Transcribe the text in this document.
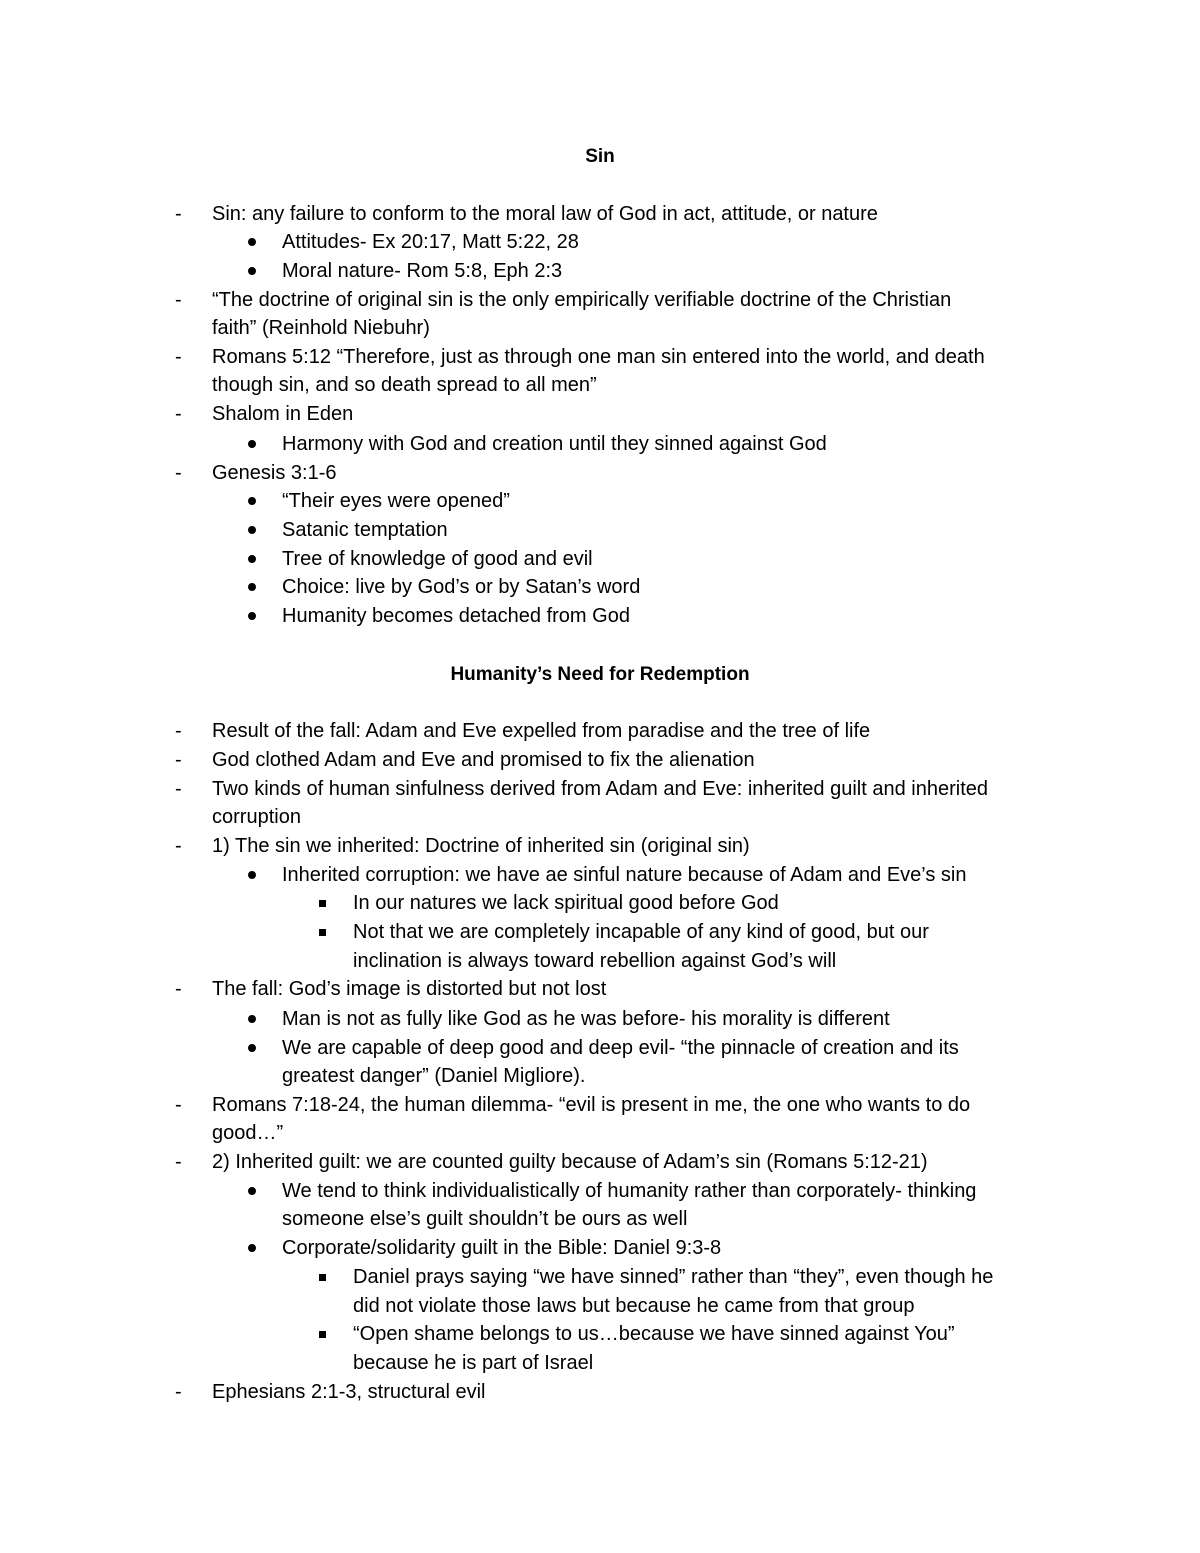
Sin
- Sin: any failure to conform to the moral law of God in act, attitude, or nature
Attitudes- Ex 20:17, Matt 5:22, 28
Moral nature- Rom 5:8, Eph 2:3
- “The doctrine of original sin is the only empirically verifiable doctrine of the Christian
faith” (Reinhold Niebuhr)
- Romans 5:12 “Therefore, just as through one man sin entered into the world, and death
though sin, and so death spread to all men”
- Shalom in Eden
Harmony with God and creation until they sinned against God
- Genesis 3:1-6
“Their eyes were opened”
Satanic temptation
Tree of knowledge of good and evil
Choice: live by God’s or by Satan’s word
Humanity becomes detached from God
Humanity’s Need for Redemption
- Result of the fall: Adam and Eve expelled from paradise and the tree of life
- God clothed Adam and Eve and promised to fix the alienation
- Two kinds of human sinfulness derived from Adam and Eve: inherited guilt and inherited
corruption
- 1) The sin we inherited: Doctrine of inherited sin (original sin)
Inherited corruption: we have ae sinful nature because of Adam and Eve’s sin
In our natures we lack spiritual good before God
Not that we are completely incapable of any kind of good, but our
inclination is always toward rebellion against God’s will
- The fall: God’s image is distorted but not lost
Man is not as fully like God as he was before- his morality is different
We are capable of deep good and deep evil- “the pinnacle of creation and its
greatest danger” (Daniel Migliore).
- Romans 7:18-24, the human dilemma- “evil is present in me, the one who wants to do
good…”
- 2) Inherited guilt: we are counted guilty because of Adam’s sin (Romans 5:12-21)
We tend to think individualistically of humanity rather than corporately- thinking
someone else’s guilt shouldn’t be ours as well
Corporate/solidarity guilt in the Bible: Daniel 9:3-8
Daniel prays saying “we have sinned” rather than “they”, even though he
did not violate those laws but because he came from that group
“Open shame belongs to us…because we have sinned against You”
because he is part of Israel
- Ephesians 2:1-3, structural evil
